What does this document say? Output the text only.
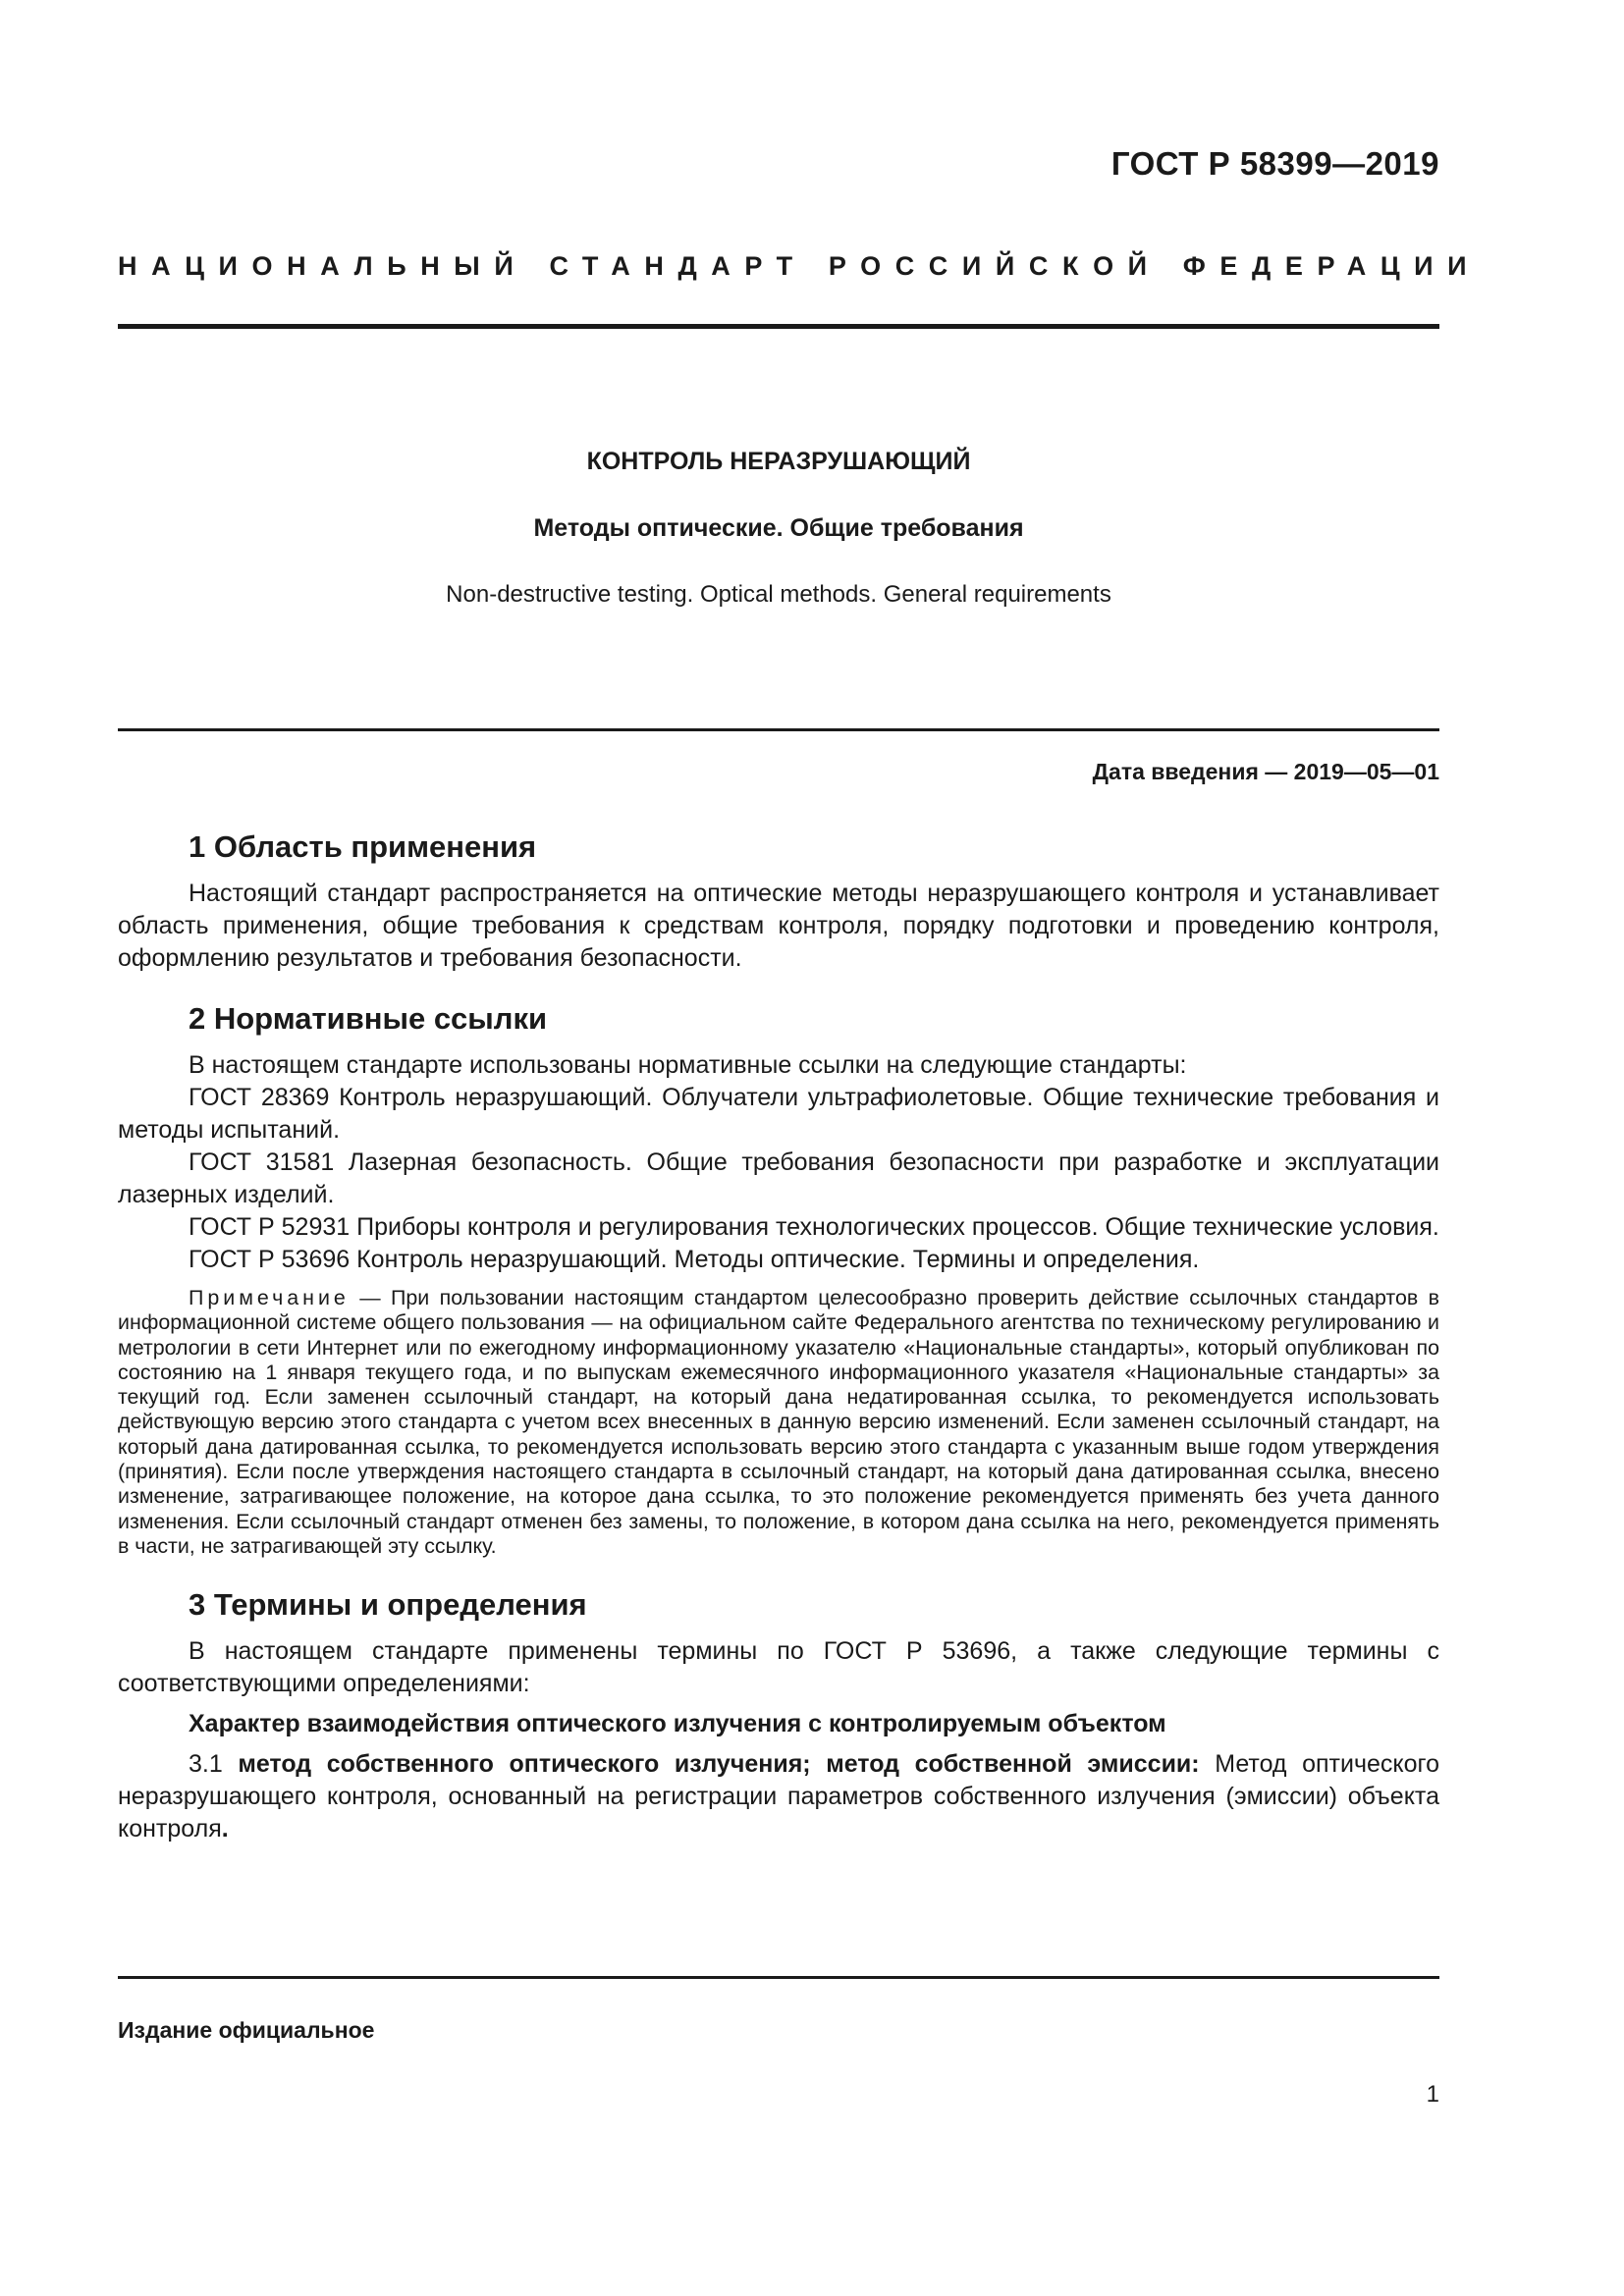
ГОСТ Р 58399—2019

НАЦИОНАЛЬНЫЙ СТАНДАРТ РОССИЙСКОЙ ФЕДЕРАЦИИ

КОНТРОЛЬ НЕРАЗРУШАЮЩИЙ

Методы оптические. Общие требования

Non-destructive testing. Optical methods. General requirements

Дата введения — 2019—05—01

1 Область применения

Настоящий стандарт распространяется на оптические методы неразрушающего контроля и устанавливает область применения, общие требования к средствам контроля, порядку подготовки и проведению контроля, оформлению результатов и требования безопасности.

2 Нормативные ссылки

В настоящем стандарте использованы нормативные ссылки на следующие стандарты:

ГОСТ 28369 Контроль неразрушающий. Облучатели ультрафиолетовые. Общие технические требования и методы испытаний.

ГОСТ 31581 Лазерная безопасность. Общие требования безопасности при разработке и эксплуатации лазерных изделий.

ГОСТ Р 52931 Приборы контроля и регулирования технологических процессов. Общие технические условия.

ГОСТ Р 53696 Контроль неразрушающий. Методы оптические. Термины и определения.

Примечание — При пользовании настоящим стандартом целесообразно проверить действие ссылочных стандартов в информационной системе общего пользования — на официальном сайте Федерального агентства по техническому регулированию и метрологии в сети Интернет или по ежегодному информационному указателю «Национальные стандарты», который опубликован по состоянию на 1 января текущего года, и по выпускам ежемесячного информационного указателя «Национальные стандарты» за текущий год. Если заменен ссылочный стандарт, на который дана недатированная ссылка, то рекомендуется использовать действующую версию этого стандарта с учетом всех внесенных в данную версию изменений. Если заменен ссылочный стандарт, на который дана датированная ссылка, то рекомендуется использовать версию этого стандарта с указанным выше годом утверждения (принятия). Если после утверждения настоящего стандарта в ссылочный стандарт, на который дана датированная ссылка, внесено изменение, затрагивающее положение, на которое дана ссылка, то это положение рекомендуется применять без учета данного изменения. Если ссылочный стандарт отменен без замены, то положение, в котором дана ссылка на него, рекомендуется применять в части, не затрагивающей эту ссылку.

3 Термины и определения

В настоящем стандарте применены термины по ГОСТ Р 53696, а также следующие термины с соответствующими определениями:

Характер взаимодействия оптического излучения с контролируемым объектом

3.1 метод собственного оптического излучения; метод собственной эмиссии: Метод оптического неразрушающего контроля, основанный на регистрации параметров собственного излучения (эмиссии) объекта контроля.

Издание официальное

1
